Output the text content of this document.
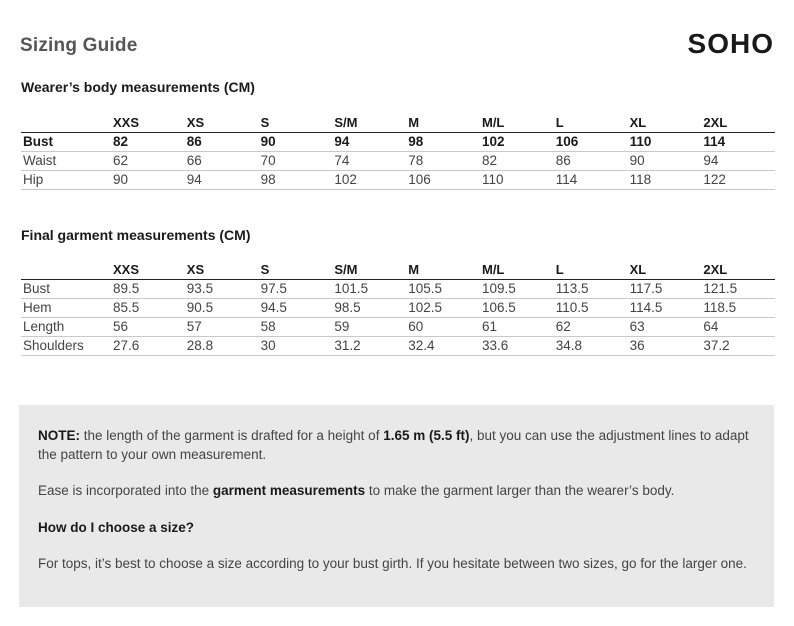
Sizing Guide	SOHO
Wearer’s body measurements (CM)
	XXS	XS	S	S/M	M	M/L	L	XL	2XL
Bust	82	86	90	94	98	102	106	110	114
Waist	62	66	70	74	78	82	86	90	94
Hip	90	94	98	102	106	110	114	118	122
Final garment measurements (CM)
	XXS	XS	S	S/M	M	M/L	L	XL	2XL
Bust	89.5	93.5	97.5	101.5	105.5	109.5	113.5	117.5	121.5
Hem	85.5	90.5	94.5	98.5	102.5	106.5	110.5	114.5	118.5
Length	56	57	58	59	60	61	62	63	64
Shoulders	27.6	28.8	30	31.2	32.4	33.6	34.8	36	37.2

NOTE: the length of the garment is drafted for a height of 1.65 m (5.5 ft), but you can use the adjustment lines to adapt the pattern to your own measurement.

Ease is incorporated into the garment measurements to make the garment larger than the wearer’s body.

How do I choose a size?

For tops, it’s best to choose a size according to your bust girth. If you hesitate between two sizes, go for the larger one.
